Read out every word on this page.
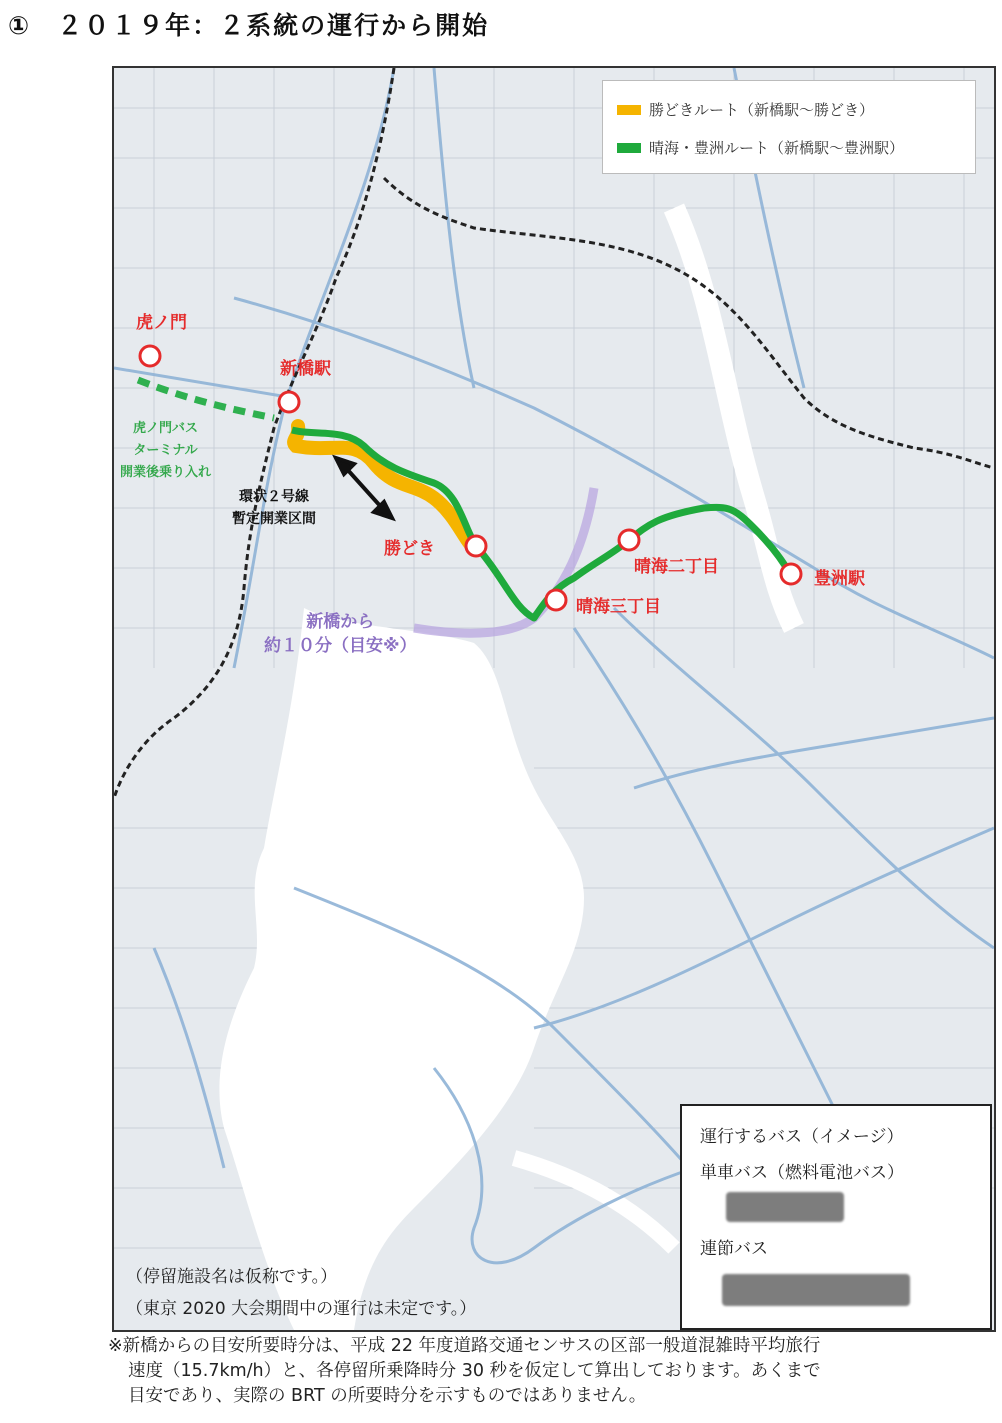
① ２０１９年：２系統の運行から開始
勝どきルート（新橋駅〜勝どき）
晴海・豊洲ルート（新橋駅〜豊洲駅）
虎ノ門
新橋駅
勝どき
晴海三丁目
晴海二丁目
豊洲駅
虎ノ門バス
ターミナル
開業後乗り入れ
環状２号線
暫定開業区間
新橋から
約１０分（目安※）
（停留施設名は仮称です。）
（東京 2020 大会期間中の運行は未定です。）
運行するバス（イメージ）
単車バス（燃料電池バス）
連節バス
※新橋からの目安所要時分は、平成 22 年度道路交通センサスの区部一般道混雑時平均旅行
速度（15.7km/h）と、各停留所乗降時分 30 秒を仮定して算出しております。あくまで
目安であり、実際の BRT の所要時分を示すものではありません。
